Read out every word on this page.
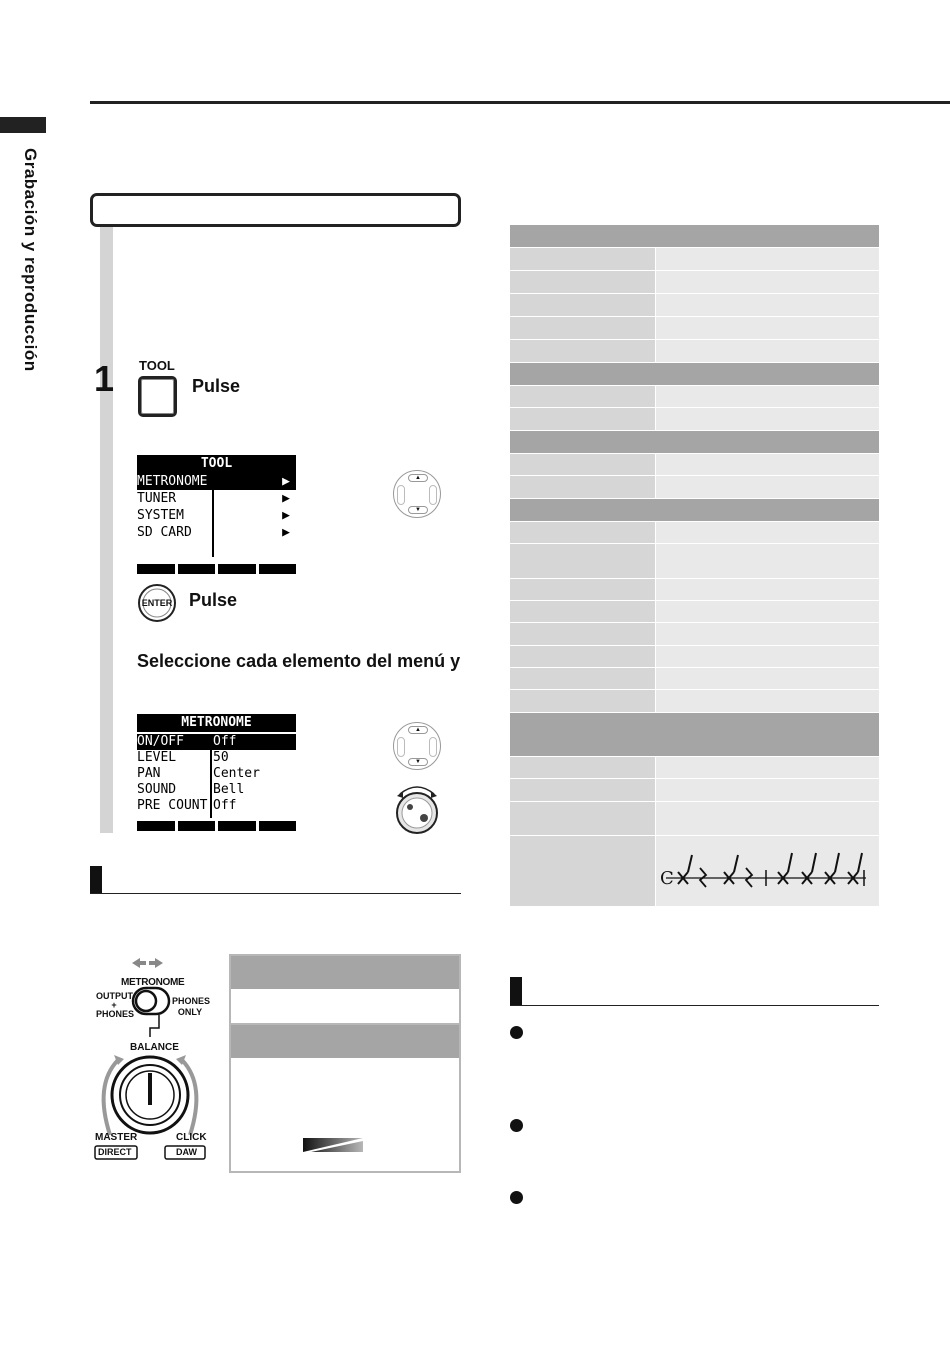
Grabación y reproducción
1 TOOL
Pulse
TOOL
METRONOME	▶
TUNER	▶
SYSTEM	▶
SD CARD	▶
▲
▼
ENTER Pulse
Seleccione cada elemento del menú y
METRONOME
ON/OFF Off
LEVEL	50
PAN	Center
SOUND	Bell
PRE COUNT Off
▲
▼
METRONOME
OUTPUT
+
PHONES
PHONES
ONLY
BALANCE
MASTER
DIRECT
CLICK
DAW
C
